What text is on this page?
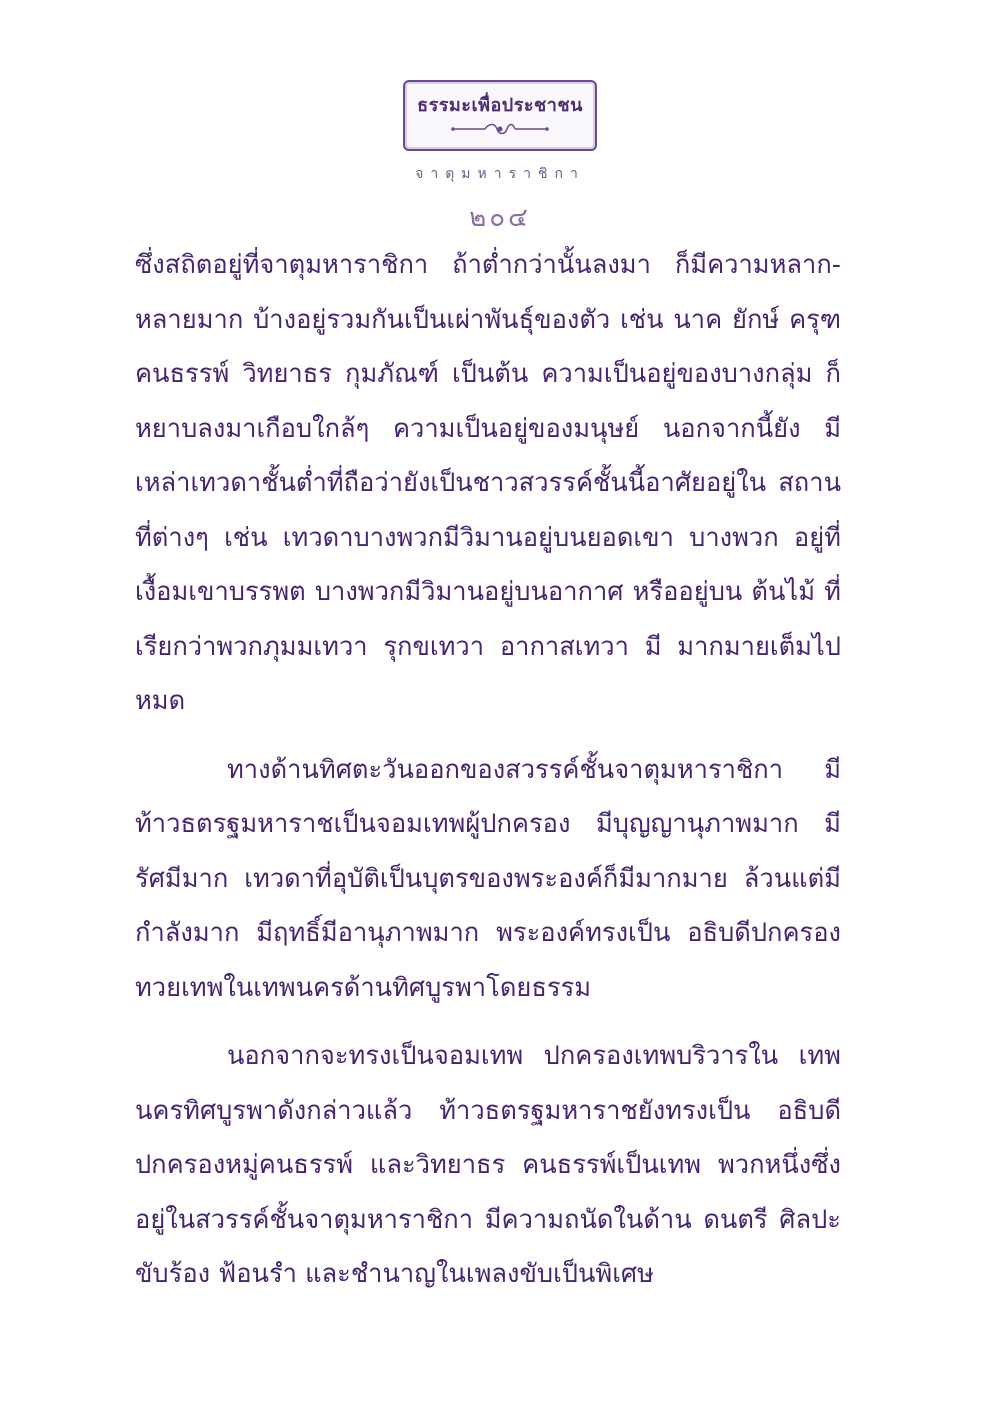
ธรรมะเพื่อประชาชน
จาตุมหาราชิกา
๒๐๔

ซึ่งสถิตอยู่ที่จาตุมหาราชิกา ถ้าต่ำกว่านั้นลงมา ก็มีความหลาก-หลายมาก บ้างอยู่รวมกันเป็นเผ่าพันธุ์ของตัว เช่น นาค ยักษ์ ครุฑ คนธรรพ์ วิทยาธร กุมภัณฑ์ เป็นต้น ความเป็นอยู่ของบางกลุ่ม ก็หยาบลงมาเกือบใกล้ๆ ความเป็นอยู่ของมนุษย์ นอกจากนี้ยัง มีเหล่าเทวดาชั้นต่ำที่ถือว่ายังเป็นชาวสวรรค์ชั้นนี้อาศัยอยู่ใน สถานที่ต่างๆ เช่น เทวดาบางพวกมีวิมานอยู่บนยอดเขา บางพวก อยู่ที่เงื้อมเขาบรรพต บางพวกมีวิมานอยู่บนอากาศ หรืออยู่บน ต้นไม้ ที่เรียกว่าพวกภุมมเทวา รุกขเทวา อากาสเทวา มี มากมายเต็มไปหมด

ทางด้านทิศตะวันออกของสวรรค์ชั้นจาตุมหาราชิกา มีท้าวธตรฐมหาราชเป็นจอมเทพผู้ปกครอง มีบุญญานุภาพมาก มีรัศมีมาก เทวดาที่อุบัติเป็นบุตรของพระองค์ก็มีมากมาย ล้วนแต่มีกำลังมาก มีฤทธิ์มีอานุภาพมาก พระองค์ทรงเป็น อธิบดีปกครองทวยเทพในเทพนครด้านทิศบูรพาโดยธรรม

นอกจากจะทรงเป็นจอมเทพ ปกครองเทพบริวารใน เทพนครทิศบูรพาดังกล่าวแล้ว ท้าวธตรฐมหาราชยังทรงเป็น อธิบดีปกครองหมู่คนธรรพ์ และวิทยาธร คนธรรพ์เป็นเทพ พวกหนึ่งซึ่งอยู่ในสวรรค์ชั้นจาตุมหาราชิกา มีความถนัดในด้าน ดนตรี ศิลปะ ขับร้อง ฟ้อนรำ และชำนาญในเพลงขับเป็นพิเศษ
